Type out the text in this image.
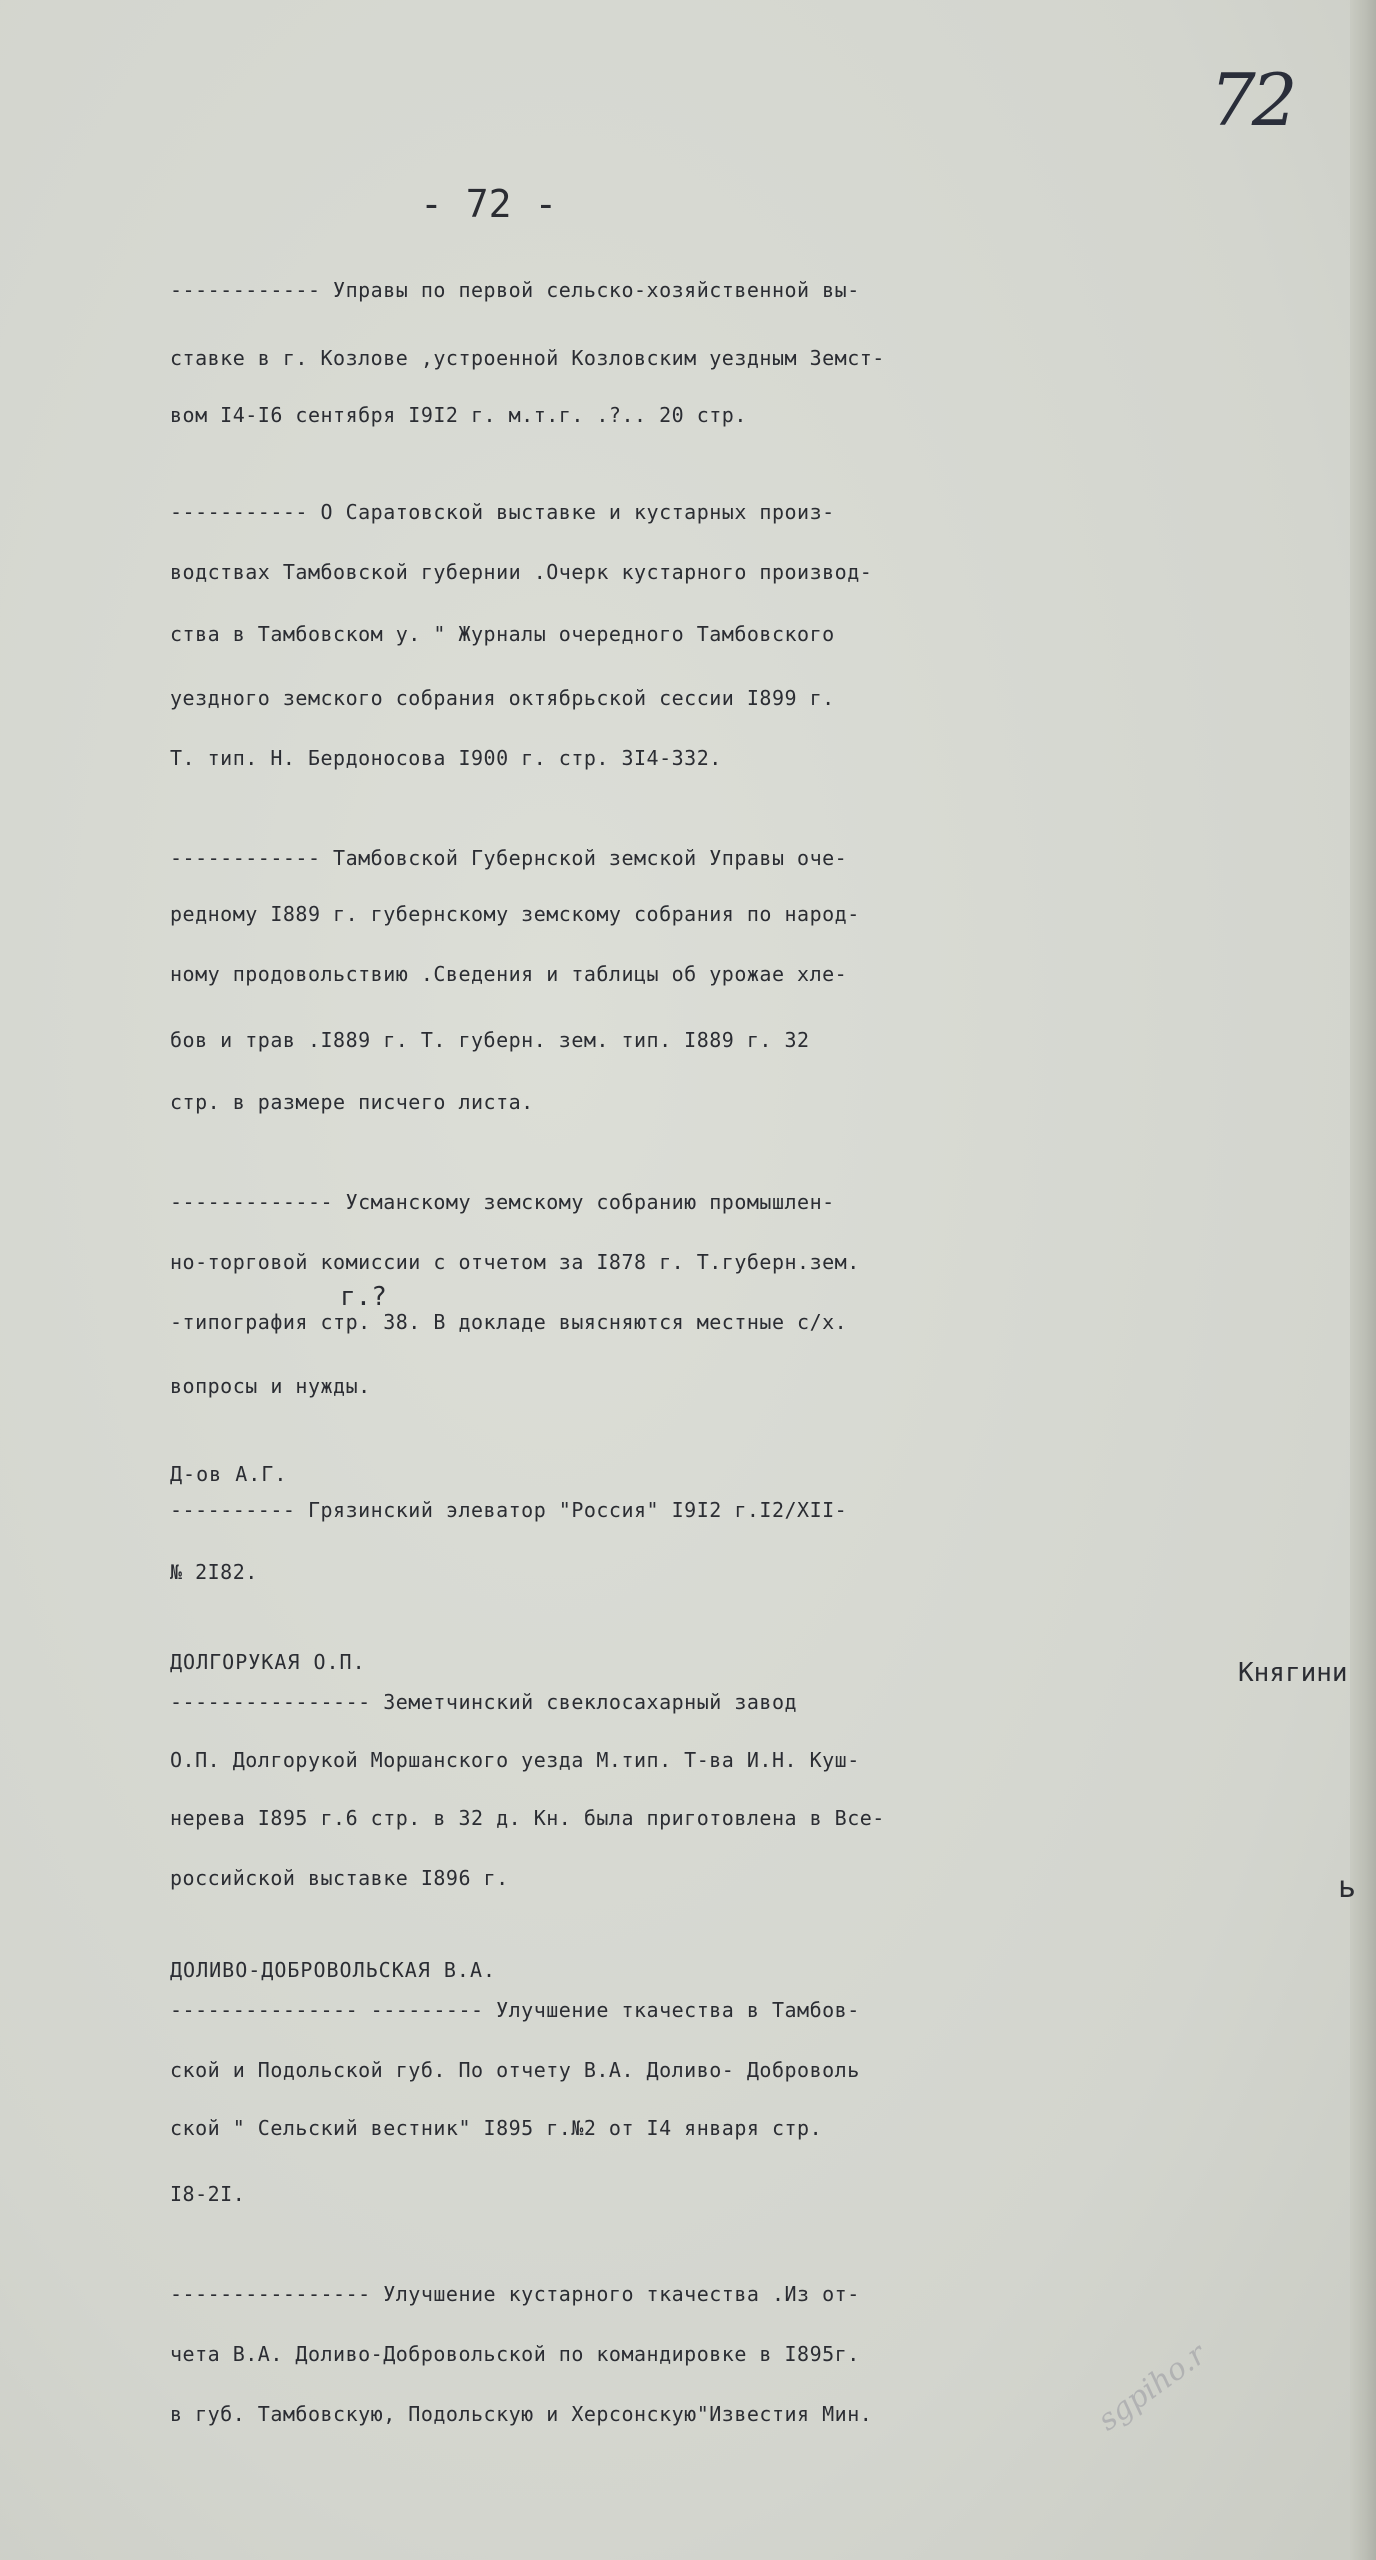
72
- 72 -
------------ Управы по первой сельско-хозяйственной вы-
ставке в г. Козлове ,устроенной Козловским уездным Земст-
вом I4-I6 сентября I9I2 г. м.т.г. .?.. 20 стр.
----------- О Саратовской выставке и кустарных произ-
водствах Тамбовской губернии .Очерк кустарного производ-
ства в Тамбовском у. " Журналы очередного Тамбовского
уездного земского собрания октябрьской сессии I899 г.
Т. тип. Н. Бердоносова I900 г. стр. 3I4-332.
------------ Тамбовской Губернской земской Управы оче-
редному I889 г. губернскому земскому собрания по народ-
ному продовольствию .Сведения и таблицы об урожае хле-
бов и трав .I889 г. Т. губерн. зем. тип. I889 г. 32
стр. в размере писчего листа.
------------- Усманскому земскому собранию промышлен-
но-торговой комиссии с отчетом за I878 г. Т.губерн.зем.
г.?
-типография стр. 38. В докладе выясняются местные с/х.
вопросы и нужды.
Д-ов А.Г.
---------- Грязинский элеватор "Россия" I9I2 г.I2/XII-
№ 2I82.
ДОЛГОРУКАЯ О.П.	Княгини
---------------- Земетчинский свеклосахарный завод
О.П. Долгорукой Моршанского уезда М.тип. Т-ва И.Н. Куш-
нерева I895 г.6 стр. в 32 д. Кн. была приготовлена в Все-
российской выставке I896 г.	ь
ДОЛИВО-ДОБРОВОЛЬСКАЯ В.А.
--------------- --------- Улучшение ткачества в Тамбов-
ской и Подольской губ. По отчету В.А. Доливо- Доброволь
ской " Сельский вестник" I895 г.№2 от I4 января стр.
I8-2I.
---------------- Улучшение кустарного ткачества .Из от-
чета В.А. Доливо-Добровольской по командировке в I895г.
в губ. Тамбовскую, Подольскую и Херсонскую"Известия Мин.	sgpiho.r
